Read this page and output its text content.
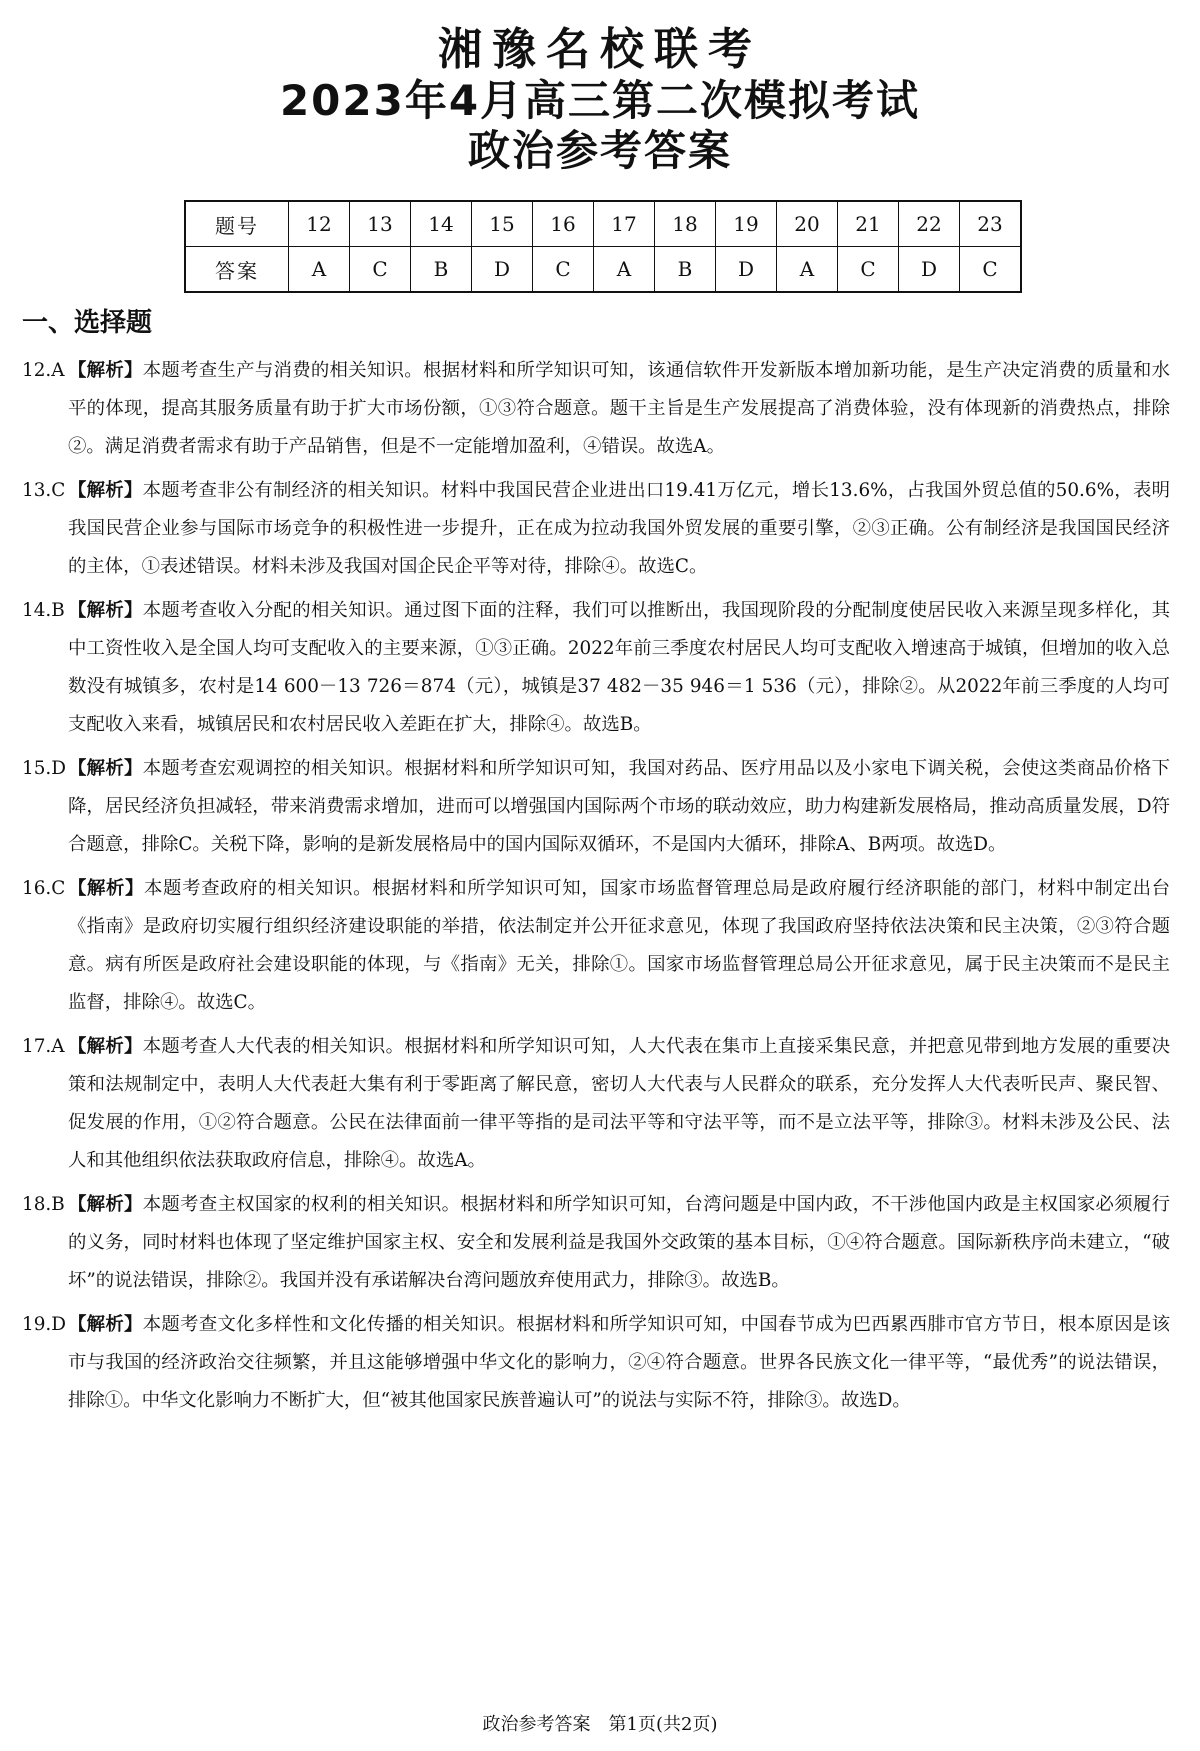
湘豫名校联考
2023年4月高三第二次模拟考试
政治参考答案
题号	12	13	14	15	16	17	18	19	20	21	22	23
答案	A	C	B	D	C	A	B	D	A	C	D	C
一、选择题
12.A 【解析】本题考查生产与消费的相关知识。根据材料和所学知识可知，该通信软件开发新版本增加新功能，是生产决定消费的质量和水平的体现，提高其服务质量有助于扩大市场份额，①③符合题意。题干主旨是生产发展提高了消费体验，没有体现新的消费热点，排除②。满足消费者需求有助于产品销售，但是不一定能增加盈利，④错误。故选A。
13.C 【解析】本题考查非公有制经济的相关知识。材料中我国民营企业进出口19.41万亿元，增长13.6%，占我国外贸总值的50.6%，表明我国民营企业参与国际市场竞争的积极性进一步提升，正在成为拉动我国外贸发展的重要引擎，②③正确。公有制经济是我国国民经济的主体，①表述错误。材料未涉及我国对国企民企平等对待，排除④。故选C。
14.B 【解析】本题考查收入分配的相关知识。通过图下面的注释，我们可以推断出，我国现阶段的分配制度使居民收入来源呈现多样化，其中工资性收入是全国人均可支配收入的主要来源，①③正确。2022年前三季度农村居民人均可支配收入增速高于城镇，但增加的收入总数没有城镇多，农村是14 600－13 726＝874（元），城镇是37 482－35 946＝1 536（元），排除②。从2022年前三季度的人均可支配收入来看，城镇居民和农村居民收入差距在扩大，排除④。故选B。
15.D 【解析】本题考查宏观调控的相关知识。根据材料和所学知识可知，我国对药品、医疗用品以及小家电下调关税，会使这类商品价格下降，居民经济负担减轻，带来消费需求增加，进而可以增强国内国际两个市场的联动效应，助力构建新发展格局，推动高质量发展，D符合题意，排除C。关税下降，影响的是新发展格局中的国内国际双循环，不是国内大循环，排除A、B两项。故选D。
16.C 【解析】本题考查政府的相关知识。根据材料和所学知识可知，国家市场监督管理总局是政府履行经济职能的部门，材料中制定出台《指南》是政府切实履行组织经济建设职能的举措，依法制定并公开征求意见，体现了我国政府坚持依法决策和民主决策，②③符合题意。病有所医是政府社会建设职能的体现，与《指南》无关，排除①。国家市场监督管理总局公开征求意见，属于民主决策而不是民主监督，排除④。故选C。
17.A 【解析】本题考查人大代表的相关知识。根据材料和所学知识可知，人大代表在集市上直接采集民意，并把意见带到地方发展的重要决策和法规制定中，表明人大代表赶大集有利于零距离了解民意，密切人大代表与人民群众的联系，充分发挥人大代表听民声、聚民智、促发展的作用，①②符合题意。公民在法律面前一律平等指的是司法平等和守法平等，而不是立法平等，排除③。材料未涉及公民、法人和其他组织依法获取政府信息，排除④。故选A。
18.B 【解析】本题考查主权国家的权利的相关知识。根据材料和所学知识可知，台湾问题是中国内政，不干涉他国内政是主权国家必须履行的义务，同时材料也体现了坚定维护国家主权、安全和发展利益是我国外交政策的基本目标，①④符合题意。国际新秩序尚未建立，“破坏”的说法错误，排除②。我国并没有承诺解决台湾问题放弃使用武力，排除③。故选B。
19.D 【解析】本题考查文化多样性和文化传播的相关知识。根据材料和所学知识可知，中国春节成为巴西累西腓市官方节日，根本原因是该市与我国的经济政治交往频繁，并且这能够增强中华文化的影响力，②④符合题意。世界各民族文化一律平等，“最优秀”的说法错误，排除①。中华文化影响力不断扩大，但“被其他国家民族普遍认可”的说法与实际不符，排除③。故选D。
政治参考答案　第1页(共2页)
